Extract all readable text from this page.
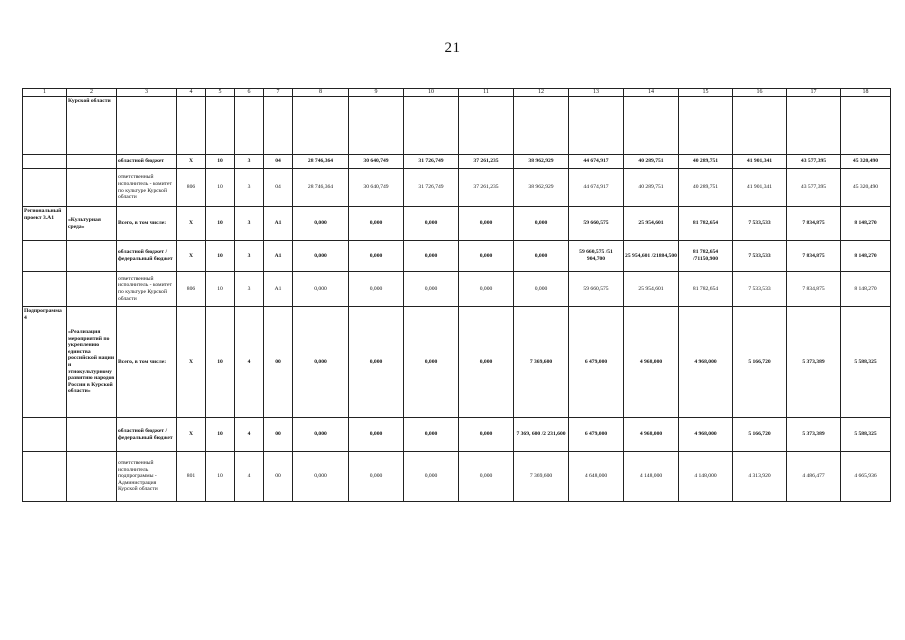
21
1	2	3	4	5	6	7	8	9	10	11	12	13	14	15	16	17	18
	Курской области																
		областной бюджет	X	10	3	04	28 746,364	30 640,749	31 726,749	37 261,235	38 962,929	44 674,917	40 289,751	40 289,751	41 901,341	43 577,395	45 320,490
		ответственный исполнитель - комитет по культуре Курской области	806	10	3	04	28 746,364	30 640,749	31 726,749	37 261,235	38 962,929	44 674,917	40 289,751	40 289,751	41 901,341	43 577,395	45 320,490
Региональный проект 3.А1	«Культурная среда»	Всего, в том числе:	X	10	3	А1	0,000	0,000	0,000	0,000	0,000	59 660,575	25 954,601	81 782,654	7 533,533	7 834,875	8 148,270
		областной бюджет /федеральный бюджет	X	10	3	А1	0,000	0,000	0,000	0,000	0,000	59 660,575 /51 904,700	25 954,601 /21884,500	81 782,654 /71150,900	7 533,533	7 834,875	8 148,270
		ответственный исполнитель - комитет по культуре Курской области	806	10	3	А1	0,000	0,000	0,000	0,000	0,000	59 660,575	25 954,601	81 782,654	7 533,533	7 834,875	8 148,270
Подпрограмма 4	«Реализация мероприятий по укреплению единства российской нации и этнокультурному развитию народов России в Курской области»	Всего, в том числе:	X	10	4	00	0,000	0,000	0,000	0,000	7 369,600	6 479,000	4 968,000	4 968,000	5 166,720	5 373,389	5 588,325
		областной бюджет /федеральный бюджет	X	10	4	00	0,000	0,000	0,000	0,000	7 369, 600 /2 231,600	6 479,000	4 968,000	4 968,000	5 166,720	5 373,389	5 588,325
		ответственный исполнитель подпрограммы - Администрация Курской области	801	10	4	00	0,000	0,000	0,000	0,000	7 369,600	4 648,000	4 148,000	4 148,000	4 313,920	4 486,477	4 665,936
